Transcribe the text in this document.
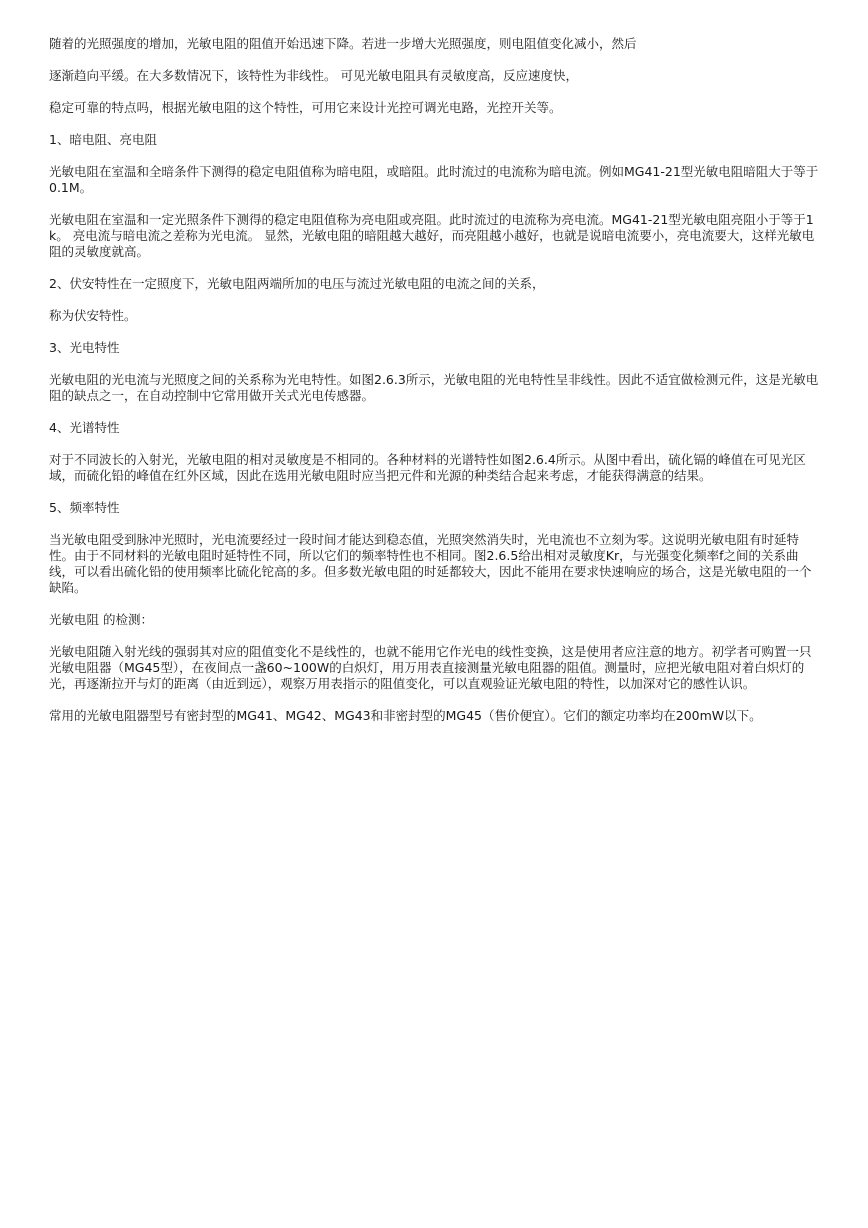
随着的光照强度的增加，光敏电阻的阻值开始迅速下降。若进一步增大光照强度，则电阻值变化减小，然后

逐渐趋向平缓。在大多数情况下，该特性为非线性。 可见光敏电阻具有灵敏度高，反应速度快，

稳定可靠的特点吗，根据光敏电阻的这个特性，可用它来设计光控可调光电路，光控开关等。

1、暗电阻、亮电阻

光敏电阻在室温和全暗条件下测得的稳定电阻值称为暗电阻，或暗阻。此时流过的电流称为暗电流。例如MG41-21型光敏电阻暗阻大于等于0.1M。

光敏电阻在室温和一定光照条件下测得的稳定电阻值称为亮电阻或亮阻。此时流过的电流称为亮电流。MG41-21型光敏电阻亮阻小于等于1k。 亮电流与暗电流之差称为光电流。 显然，光敏电阻的暗阻越大越好，而亮阻越小越好，也就是说暗电流要小，亮电流要大，这样光敏电阻的灵敏度就高。

2、伏安特性在一定照度下，光敏电阻两端所加的电压与流过光敏电阻的电流之间的关系，

称为伏安特性。

3、光电特性

光敏电阻的光电流与光照度之间的关系称为光电特性。如图2.6.3所示，光敏电阻的光电特性呈非线性。因此不适宜做检测元件，这是光敏电阻的缺点之一，在自动控制中它常用做开关式光电传感器。

4、光谱特性

对于不同波长的入射光，光敏电阻的相对灵敏度是不相同的。各种材料的光谱特性如图2.6.4所示。从图中看出，硫化镉的峰值在可见光区域，而硫化铅的峰值在红外区域，因此在选用光敏电阻时应当把元件和光源的种类结合起来考虑，才能获得满意的结果。

5、频率特性

当光敏电阻受到脉冲光照时，光电流要经过一段时间才能达到稳态值，光照突然消失时，光电流也不立刻为零。这说明光敏电阻有时延特性。由于不同材料的光敏电阻时延特性不同，所以它们的频率特性也不相同。图2.6.5给出相对灵敏度Kr，与光强变化频率f之间的关系曲线，可以看出硫化铅的使用频率比硫化铊高的多。但多数光敏电阻的时延都较大，因此不能用在要求快速响应的场合，这是光敏电阻的一个缺陷。

光敏电阻 的检测：

光敏电阻随入射光线的强弱其对应的阻值变化不是线性的，也就不能用它作光电的线性变换，这是使用者应注意的地方。初学者可购置一只光敏电阻器（MG45型），在夜间点一盏60~100W的白炽灯，用万用表直接测量光敏电阻器的阻值。测量时，应把光敏电阻对着白炽灯的光，再逐渐拉开与灯的距离（由近到远），观察万用表指示的阻值变化，可以直观验证光敏电阻的特性，以加深对它的感性认识。

常用的光敏电阻器型号有密封型的MG41、MG42、MG43和非密封型的MG45（售价便宜）。它们的额定功率均在200mW以下。
